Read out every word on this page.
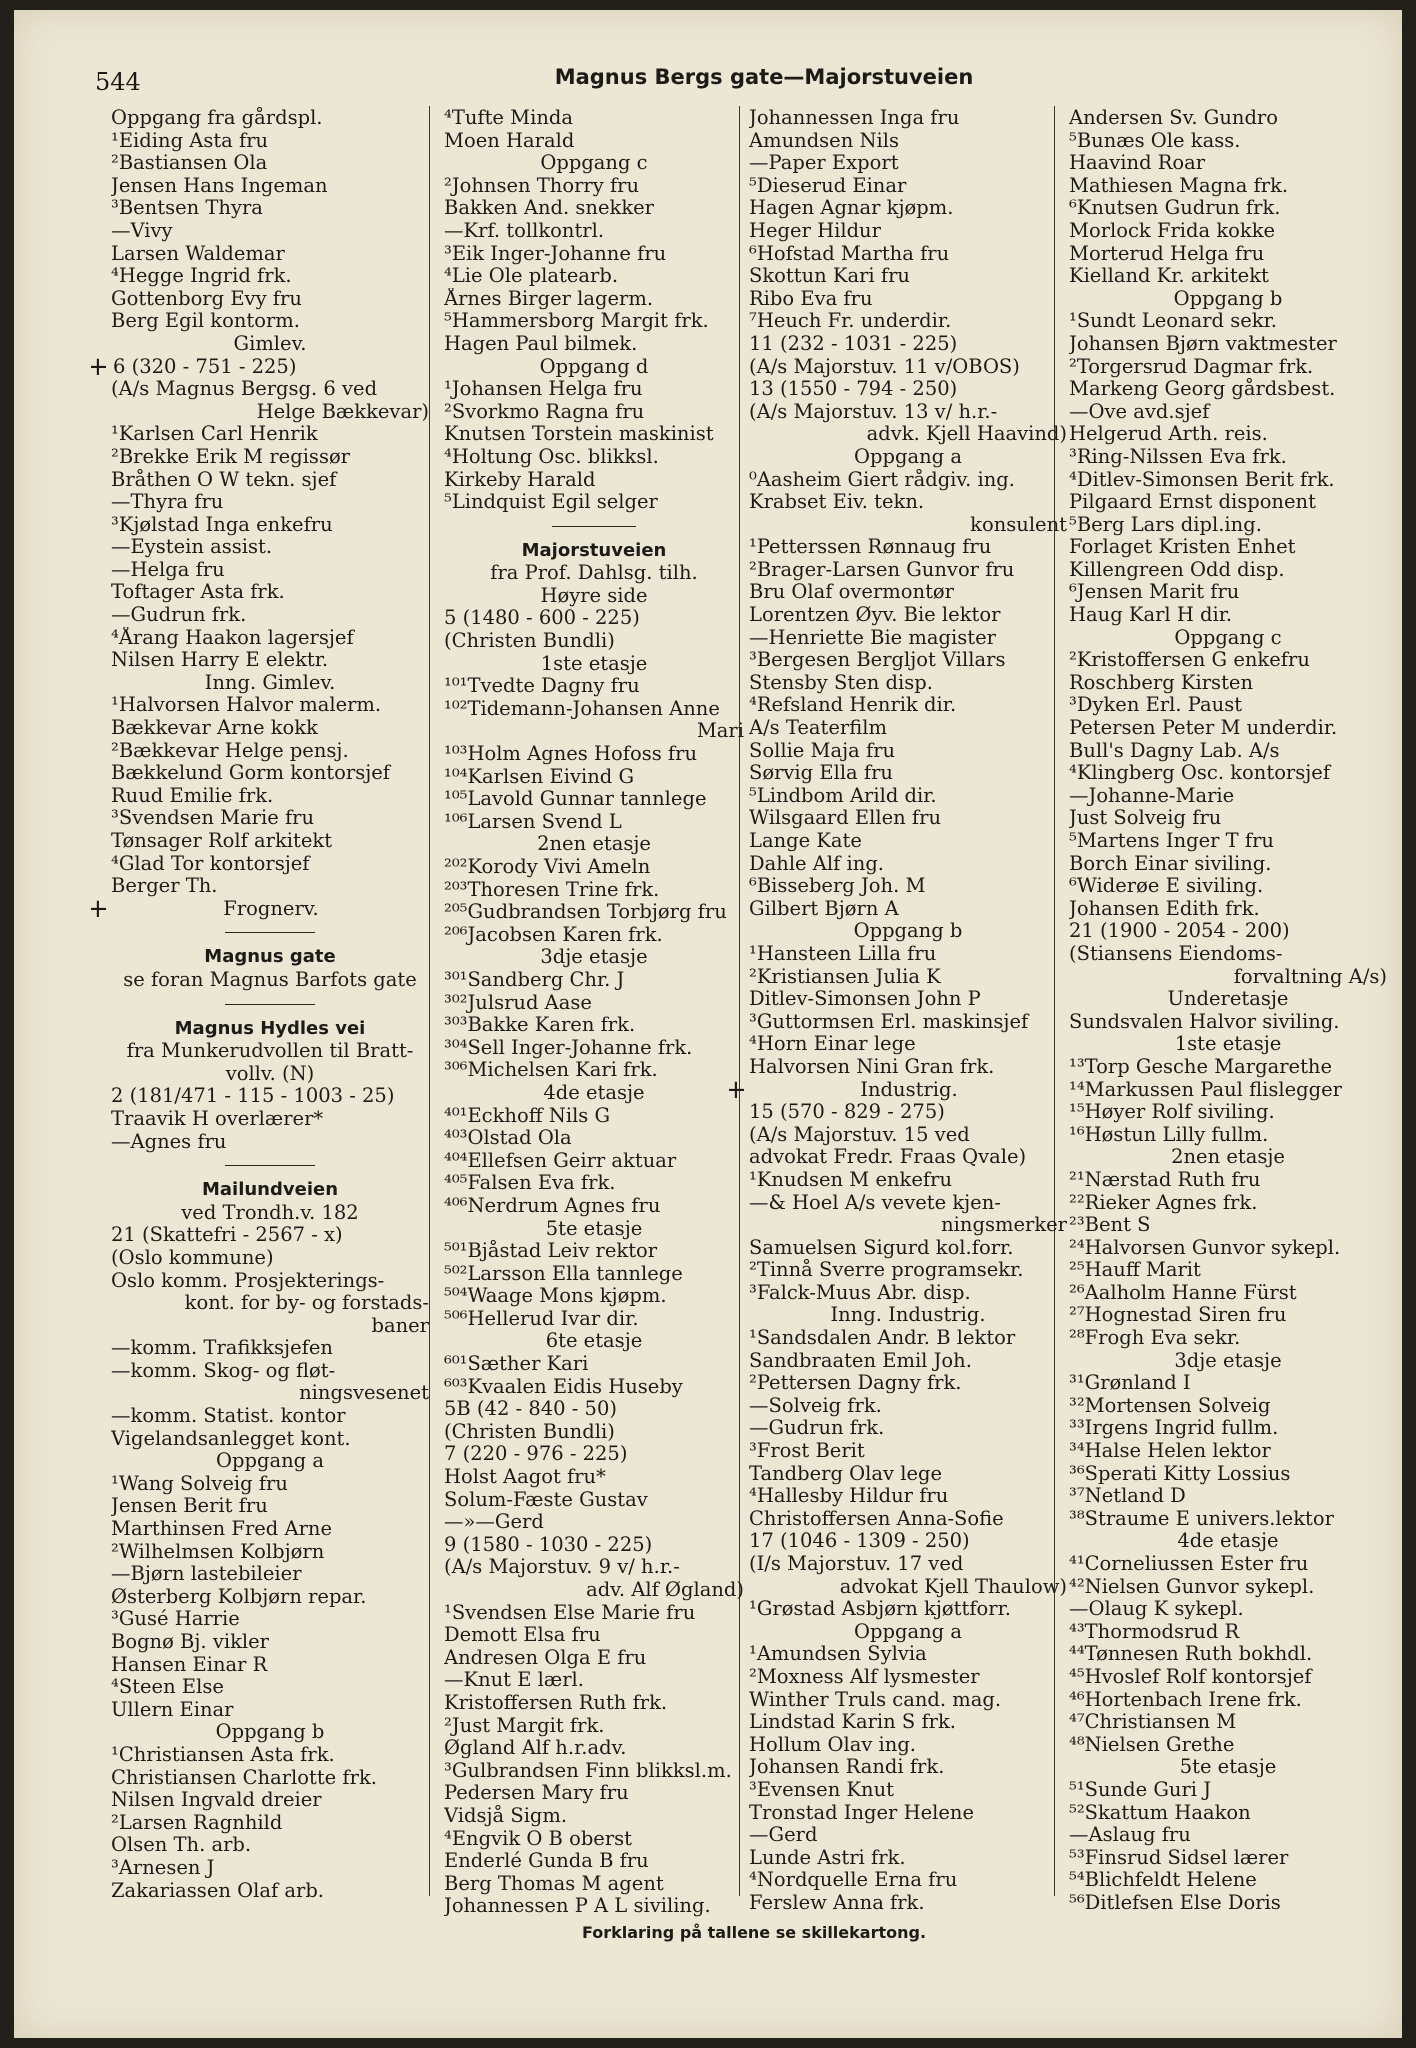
544	Magnus Bergs gate—Majorstuveien
Oppgang fra gårdspl.
¹Eiding Asta fru
²Bastiansen Ola
Jensen Hans Ingeman
³Bentsen Thyra
—Vivy
Larsen Waldemar
⁴Hegge Ingrid frk.
Gottenborg Evy fru
Berg Egil kontorm.
Gimlev.
+ 6 (320 - 751 - 225)
(A/s Magnus Bergsg. 6 ved
Helge Bækkevar)
¹Karlsen Carl Henrik
²Brekke Erik M regissør
Bråthen O W tekn. sjef
—Thyra fru
³Kjølstad Inga enkefru
—Eystein assist.
—Helga fru
Toftager Asta frk.
—Gudrun frk.
⁴Årang Haakon lagersjef
Nilsen Harry E elektr.
Inng. Gimlev.
¹Halvorsen Halvor malerm.
Bækkevar Arne kokk
²Bækkevar Helge pensj.
Bækkelund Gorm kontorsjef
Ruud Emilie frk.
³Svendsen Marie fru
Tønsager Rolf arkitekt
⁴Glad Tor kontorsjef
Berger Th.
+ Frognerv.
Magnus gate
se foran Magnus Barfots gate
Magnus Hydles vei
fra Munkerudvollen til Bratt-
vollv. (N)
2 (181/471 - 115 - 1003 - 25)
Traavik H overlærer*
—Agnes fru
Mailundveien
ved Trondh.v. 182
21 (Skattefri - 2567 - x)
(Oslo kommune)
Oslo komm. Prosjekterings-
kont. for by- og forstads-
baner
—komm. Trafikksjefen
—komm. Skog- og fløt-
ningsvesenet
—komm. Statist. kontor
Vigelandsanlegget kont.
Oppgang a
¹Wang Solveig fru
Jensen Berit fru
Marthinsen Fred Arne
²Wilhelmsen Kolbjørn
—Bjørn lastebileier
Østerberg Kolbjørn repar.
³Gusé Harrie
Bognø Bj. vikler
Hansen Einar R
⁴Steen Else
Ullern Einar
Oppgang b
¹Christiansen Asta frk.
Christiansen Charlotte frk.
Nilsen Ingvald dreier
²Larsen Ragnhild
Olsen Th. arb.
³Arnesen J
Zakariassen Olaf arb.
⁴Tufte Minda
Moen Harald
Oppgang c
²Johnsen Thorry fru
Bakken And. snekker
—Krf. tollkontrl.
³Eik Inger-Johanne fru
⁴Lie Ole platearb.
Årnes Birger lagerm.
⁵Hammersborg Margit frk.
Hagen Paul bilmek.
Oppgang d
¹Johansen Helga fru
²Svorkmo Ragna fru
Knutsen Torstein maskinist
⁴Holtung Osc. blikksl.
Kirkeby Harald
⁵Lindquist Egil selger
Majorstuveien
fra Prof. Dahlsg. tilh.
Høyre side
5 (1480 - 600 - 225)
(Christen Bundli)
1ste etasje
¹⁰¹Tvedte Dagny fru
¹⁰²Tidemann-Johansen Anne
Mari
¹⁰³Holm Agnes Hofoss fru
¹⁰⁴Karlsen Eivind G
¹⁰⁵Lavold Gunnar tannlege
¹⁰⁶Larsen Svend L
2nen etasje
²⁰²Korody Vivi Ameln
²⁰³Thoresen Trine frk.
²⁰⁵Gudbrandsen Torbjørg fru
²⁰⁶Jacobsen Karen frk.
3dje etasje
³⁰¹Sandberg Chr. J
³⁰²Julsrud Aase
³⁰³Bakke Karen frk.
³⁰⁴Sell Inger-Johanne frk.
³⁰⁶Michelsen Kari frk.
4de etasje
⁴⁰¹Eckhoff Nils G
⁴⁰³Olstad Ola
⁴⁰⁴Ellefsen Geirr aktuar
⁴⁰⁵Falsen Eva frk.
⁴⁰⁶Nerdrum Agnes fru
5te etasje
⁵⁰¹Bjåstad Leiv rektor
⁵⁰²Larsson Ella tannlege
⁵⁰⁴Waage Mons kjøpm.
⁵⁰⁶Hellerud Ivar dir.
6te etasje
⁶⁰¹Sæther Kari
⁶⁰³Kvaalen Eidis Huseby
5B (42 - 840 - 50)
(Christen Bundli)
7 (220 - 976 - 225)
Holst Aagot fru*
Solum-Fæste Gustav
—»—Gerd
9 (1580 - 1030 - 225)
(A/s Majorstuv. 9 v/ h.r.-
adv. Alf Øgland)
¹Svendsen Else Marie fru
Demott Elsa fru
Andresen Olga E fru
—Knut E lærl.
Kristoffersen Ruth frk.
²Just Margit frk.
Øgland Alf h.r.adv.
³Gulbrandsen Finn blikksl.m.
Pedersen Mary fru
Vidsjå Sigm.
⁴Engvik O B oberst
Enderlé Gunda B fru
Berg Thomas M agent
Johannessen P A L siviling.
Johannessen Inga fru
Amundsen Nils
—Paper Export
⁵Dieserud Einar
Hagen Agnar kjøpm.
Heger Hildur
⁶Hofstad Martha fru
Skottun Kari fru
Ribo Eva fru
⁷Heuch Fr. underdir.
11 (232 - 1031 - 225)
(A/s Majorstuv. 11 v/OBOS)
13 (1550 - 794 - 250)
(A/s Majorstuv. 13 v/ h.r.-
advk. Kjell Haavind)
Oppgang a
⁰Aasheim Giert rådgiv. ing.
Krabset Eiv. tekn.
konsulent
¹Petterssen Rønnaug fru
²Brager-Larsen Gunvor fru
Bru Olaf overmontør
Lorentzen Øyv. Bie lektor
—Henriette Bie magister
³Bergesen Bergljot Villars
Stensby Sten disp.
⁴Refsland Henrik dir.
A/s Teaterfilm
Sollie Maja fru
Sørvig Ella fru
⁵Lindbom Arild dir.
Wilsgaard Ellen fru
Lange Kate
Dahle Alf ing.
⁶Bisseberg Joh. M
Gilbert Bjørn A
Oppgang b
¹Hansteen Lilla fru
²Kristiansen Julia K
Ditlev-Simonsen John P
³Guttormsen Erl. maskinsjef
⁴Horn Einar lege
Halvorsen Nini Gran frk.
+ Industrig.
15 (570 - 829 - 275)
(A/s Majorstuv. 15 ved
advokat Fredr. Fraas Qvale)
¹Knudsen M enkefru
—& Hoel A/s vevete kjen-
ningsmerker
Samuelsen Sigurd kol.forr.
²Tinnå Sverre programsekr.
³Falck-Muus Abr. disp.
Inng. Industrig.
¹Sandsdalen Andr. B lektor
Sandbraaten Emil Joh.
²Pettersen Dagny frk.
—Solveig frk.
—Gudrun frk.
³Frost Berit
Tandberg Olav lege
⁴Hallesby Hildur fru
Christoffersen Anna-Sofie
17 (1046 - 1309 - 250)
(I/s Majorstuv. 17 ved
advokat Kjell Thaulow)
¹Grøstad Asbjørn kjøttforr.
Oppgang a
¹Amundsen Sylvia
²Moxness Alf lysmester
Winther Truls cand. mag.
Lindstad Karin S frk.
Hollum Olav ing.
Johansen Randi frk.
³Evensen Knut
Tronstad Inger Helene
—Gerd
Lunde Astri frk.
⁴Nordquelle Erna fru
Ferslew Anna frk.
Andersen Sv. Gundro
⁵Bunæs Ole kass.
Haavind Roar
Mathiesen Magna frk.
⁶Knutsen Gudrun frk.
Morlock Frida kokke
Morterud Helga fru
Kielland Kr. arkitekt
Oppgang b
¹Sundt Leonard sekr.
Johansen Bjørn vaktmester
²Torgersrud Dagmar frk.
Markeng Georg gårdsbest.
—Ove avd.sjef
Helgerud Arth. reis.
³Ring-Nilssen Eva frk.
⁴Ditlev-Simonsen Berit frk.
Pilgaard Ernst disponent
⁵Berg Lars dipl.ing.
Forlaget Kristen Enhet
Killengreen Odd disp.
⁶Jensen Marit fru
Haug Karl H dir.
Oppgang c
²Kristoffersen G enkefru
Roschberg Kirsten
³Dyken Erl. Paust
Petersen Peter M underdir.
Bull's Dagny Lab. A/s
⁴Klingberg Osc. kontorsjef
—Johanne-Marie
Just Solveig fru
⁵Martens Inger T fru
Borch Einar siviling.
⁶Widerøe E siviling.
Johansen Edith frk.
21 (1900 - 2054 - 200)
(Stiansens Eiendoms-
forvaltning A/s)
Underetasje
Sundsvalen Halvor siviling.
1ste etasje
¹³Torp Gesche Margarethe
¹⁴Markussen Paul flislegger
¹⁵Høyer Rolf siviling.
¹⁶Høstun Lilly fullm.
2nen etasje
²¹Nærstad Ruth fru
²²Rieker Agnes frk.
²³Bent S
²⁴Halvorsen Gunvor sykepl.
²⁵Hauff Marit
²⁶Aalholm Hanne Fürst
²⁷Hognestad Siren fru
²⁸Frogh Eva sekr.
3dje etasje
³¹Grønland I
³²Mortensen Solveig
³³Irgens Ingrid fullm.
³⁴Halse Helen lektor
³⁶Sperati Kitty Lossius
³⁷Netland D
³⁸Straume E univers.lektor
4de etasje
⁴¹Corneliussen Ester fru
⁴²Nielsen Gunvor sykepl.
—Olaug K sykepl.
⁴³Thormodsrud R
⁴⁴Tønnesen Ruth bokhdl.
⁴⁵Hvoslef Rolf kontorsjef
⁴⁶Hortenbach Irene frk.
⁴⁷Christiansen M
⁴⁸Nielsen Grethe
5te etasje
⁵¹Sunde Guri J
⁵²Skattum Haakon
—Aslaug fru
⁵³Finsrud Sidsel lærer
⁵⁴Blichfeldt Helene
⁵⁶Ditlefsen Else Doris
Forklaring på tallene se skillekartong.
